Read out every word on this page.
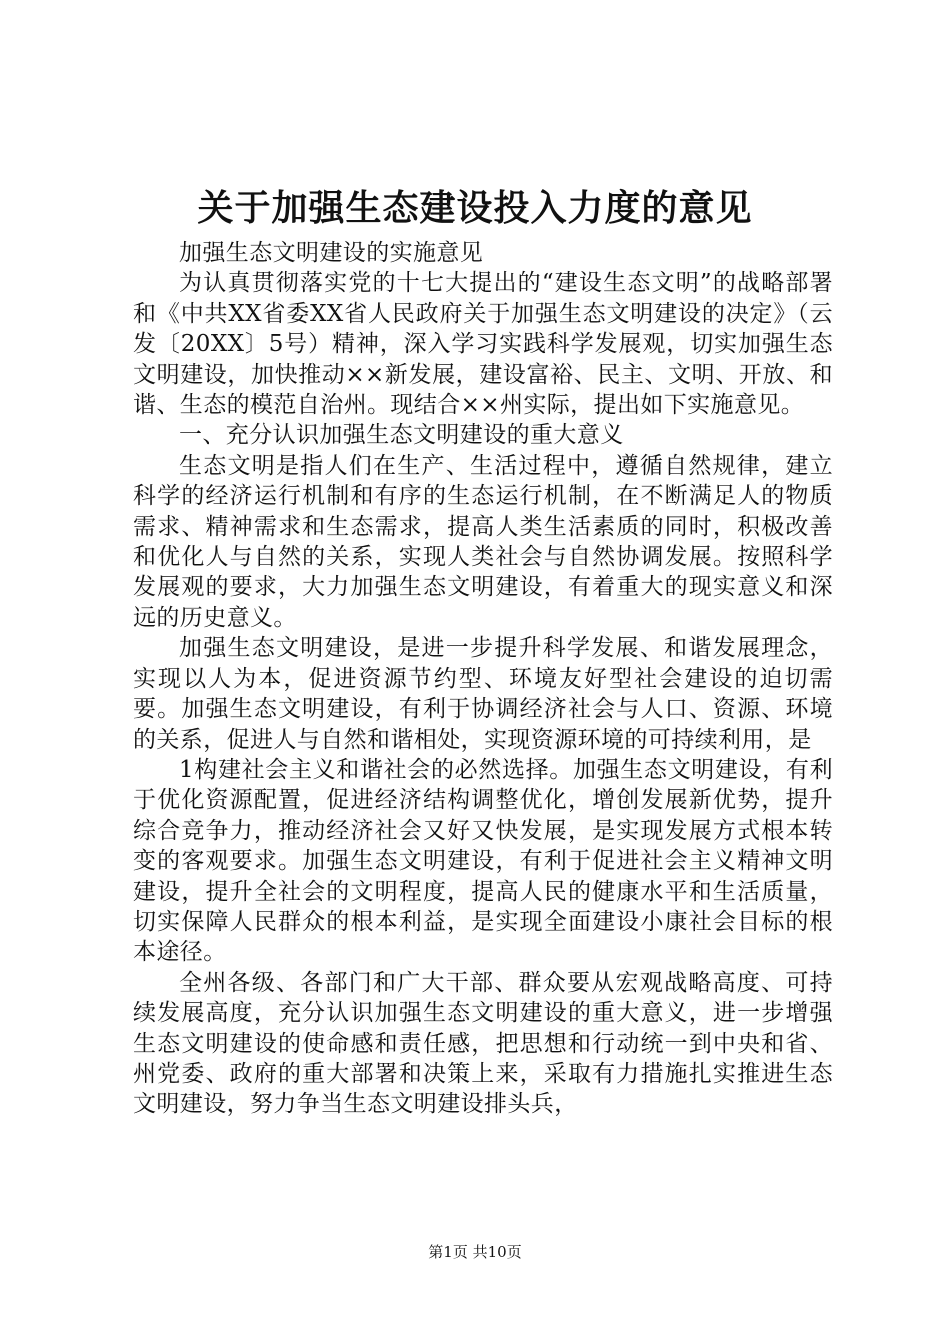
关于加强生态建设投入力度的意见

加强生态文明建设的实施意见

为认真贯彻落实党的十七大提出的“建设生态文明”的战略部署和《中共XX省委XX省人民政府关于加强生态文明建设的决定》（云发〔20XX〕5号）精神，深入学习实践科学发展观，切实加强生态文明建设，加快推动××新发展，建设富裕、民主、文明、开放、和谐、生态的模范自治州。现结合××州实际，提出如下实施意见。

一、充分认识加强生态文明建设的重大意义

生态文明是指人们在生产、生活过程中，遵循自然规律，建立科学的经济运行机制和有序的生态运行机制，在不断满足人的物质需求、精神需求和生态需求，提高人类生活素质的同时，积极改善和优化人与自然的关系，实现人类社会与自然协调发展。按照科学发展观的要求，大力加强生态文明建设，有着重大的现实意义和深远的历史意义。

加强生态文明建设，是进一步提升科学发展、和谐发展理念，实现以人为本，促进资源节约型、环境友好型社会建设的迫切需要。加强生态文明建设，有利于协调经济社会与人口、资源、环境的关系，促进人与自然和谐相处，实现资源环境的可持续利用，是

1构建社会主义和谐社会的必然选择。加强生态文明建设，有利于优化资源配置，促进经济结构调整优化，增创发展新优势，提升综合竞争力，推动经济社会又好又快发展，是实现发展方式根本转变的客观要求。加强生态文明建设，有利于促进社会主义精神文明建设，提升全社会的文明程度，提高人民的健康水平和生活质量，切实保障人民群众的根本利益，是实现全面建设小康社会目标的根本途径。

全州各级、各部门和广大干部、群众要从宏观战略高度、可持续发展高度，充分认识加强生态文明建设的重大意义，进一步增强生态文明建设的使命感和责任感，把思想和行动统一到中央和省、州党委、政府的重大部署和决策上来，采取有力措施扎实推进生态文明建设，努力争当生态文明建设排头兵，

第1页 共10页
